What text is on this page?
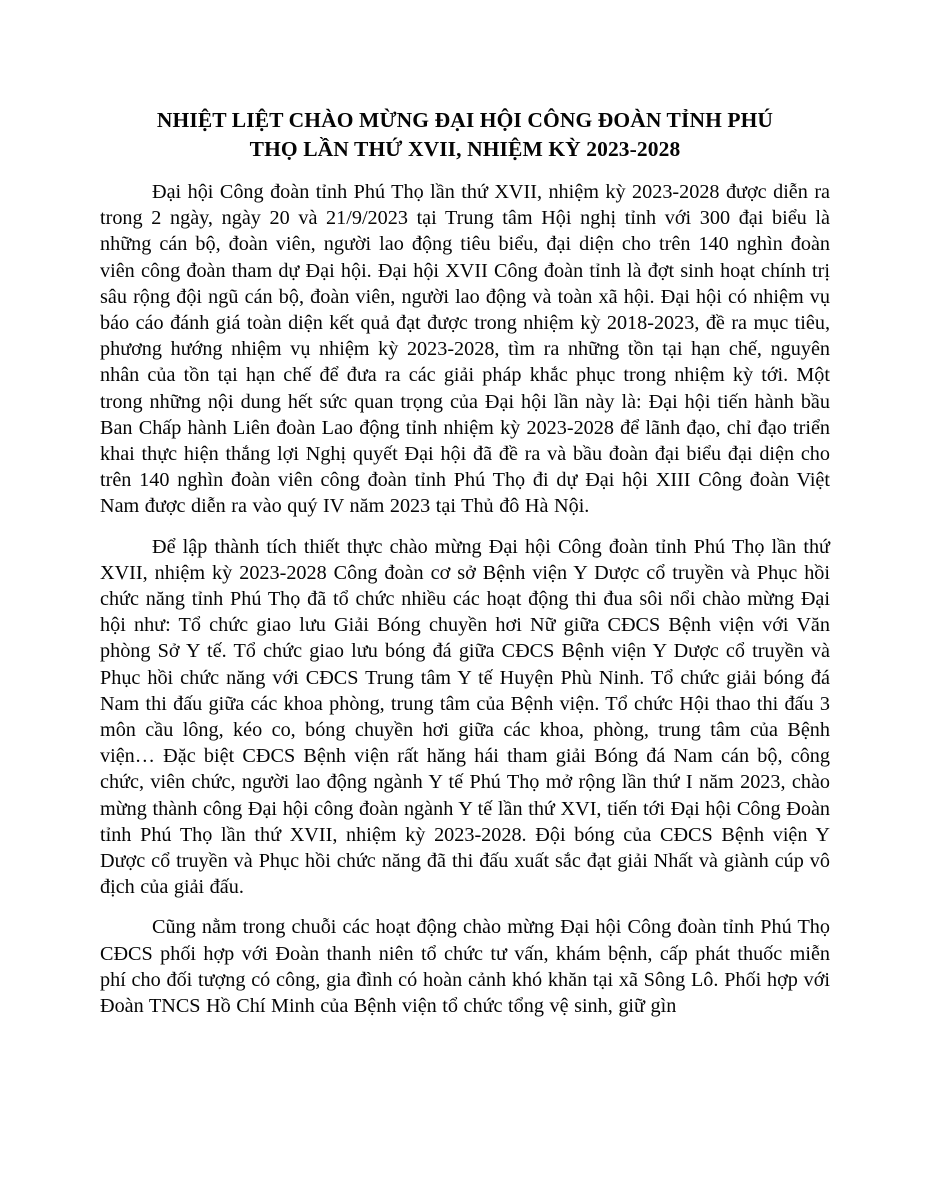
NHIỆT LIỆT CHÀO MỪNG ĐẠI HỘI CÔNG ĐOÀN TỈNH PHÚ THỌ LẦN THỨ XVII, NHIỆM KỲ 2023-2028

Đại hội Công đoàn tỉnh Phú Thọ lần thứ XVII, nhiệm kỳ 2023-2028 được diễn ra trong 2 ngày, ngày 20 và 21/9/2023 tại Trung tâm Hội nghị tỉnh với 300 đại biểu là những cán bộ, đoàn viên, người lao động tiêu biểu, đại diện cho trên 140 nghìn đoàn viên công đoàn tham dự Đại hội. Đại hội XVII Công đoàn tỉnh là đợt sinh hoạt chính trị sâu rộng đội ngũ cán bộ, đoàn viên, người lao động và toàn xã hội. Đại hội có nhiệm vụ báo cáo đánh giá toàn diện kết quả đạt được trong nhiệm kỳ 2018-2023, đề ra mục tiêu, phương hướng nhiệm vụ nhiệm kỳ 2023-2028, tìm ra những tồn tại hạn chế, nguyên nhân của tồn tại hạn chế để đưa ra các giải pháp khắc phục trong nhiệm kỳ tới. Một trong những nội dung hết sức quan trọng của Đại hội lần này là: Đại hội tiến hành bầu Ban Chấp hành Liên đoàn Lao động tỉnh nhiệm kỳ 2023-2028 để lãnh đạo, chỉ đạo triển khai thực hiện thắng lợi Nghị quyết Đại hội đã đề ra và bầu đoàn đại biểu đại diện cho trên 140 nghìn đoàn viên công đoàn tỉnh Phú Thọ đi dự Đại hội XIII Công đoàn Việt Nam được diễn ra vào quý IV năm 2023 tại Thủ đô Hà Nội.

Để lập thành tích thiết thực chào mừng Đại hội Công đoàn tỉnh Phú Thọ lần thứ XVII, nhiệm kỳ 2023-2028 Công đoàn cơ sở Bệnh viện Y Dược cổ truyền và Phục hồi chức năng tỉnh Phú Thọ đã tổ chức nhiều các hoạt động thi đua sôi nổi chào mừng Đại hội như: Tổ chức giao lưu Giải Bóng chuyền hơi Nữ giữa CĐCS Bệnh viện với Văn phòng Sở Y tế. Tổ chức giao lưu bóng đá giữa CĐCS Bệnh viện Y Dược cổ truyền và Phục hồi chức năng với CĐCS Trung tâm Y tế Huyện Phù Ninh. Tổ chức giải bóng đá Nam thi đấu giữa các khoa phòng, trung tâm của Bệnh viện. Tổ chức Hội thao thi đấu 3 môn cầu lông, kéo co, bóng chuyền hơi giữa các khoa, phòng, trung tâm của Bệnh viện… Đặc biệt CĐCS Bệnh viện rất hăng hái tham giải Bóng đá Nam cán bộ, công chức, viên chức, người lao động ngành Y tế Phú Thọ mở rộng lần thứ I năm 2023, chào mừng thành công Đại hội công đoàn ngành Y tế lần thứ XVI, tiến tới Đại hội Công Đoàn tỉnh Phú Thọ lần thứ XVII, nhiệm kỳ 2023-2028. Đội bóng của CĐCS Bệnh viện Y Dược cổ truyền và Phục hồi chức năng đã thi đấu xuất sắc đạt giải Nhất và giành cúp vô địch của giải đấu.

Cũng nằm trong chuỗi các hoạt động chào mừng Đại hội Công đoàn tỉnh Phú Thọ CĐCS phối hợp với Đoàn thanh niên tổ chức tư vấn, khám bệnh, cấp phát thuốc miễn phí cho đối tượng có công, gia đình có hoàn cảnh khó khăn tại xã Sông Lô. Phối hợp với Đoàn TNCS Hồ Chí Minh của Bệnh viện tổ chức tổng vệ sinh, giữ gìn
